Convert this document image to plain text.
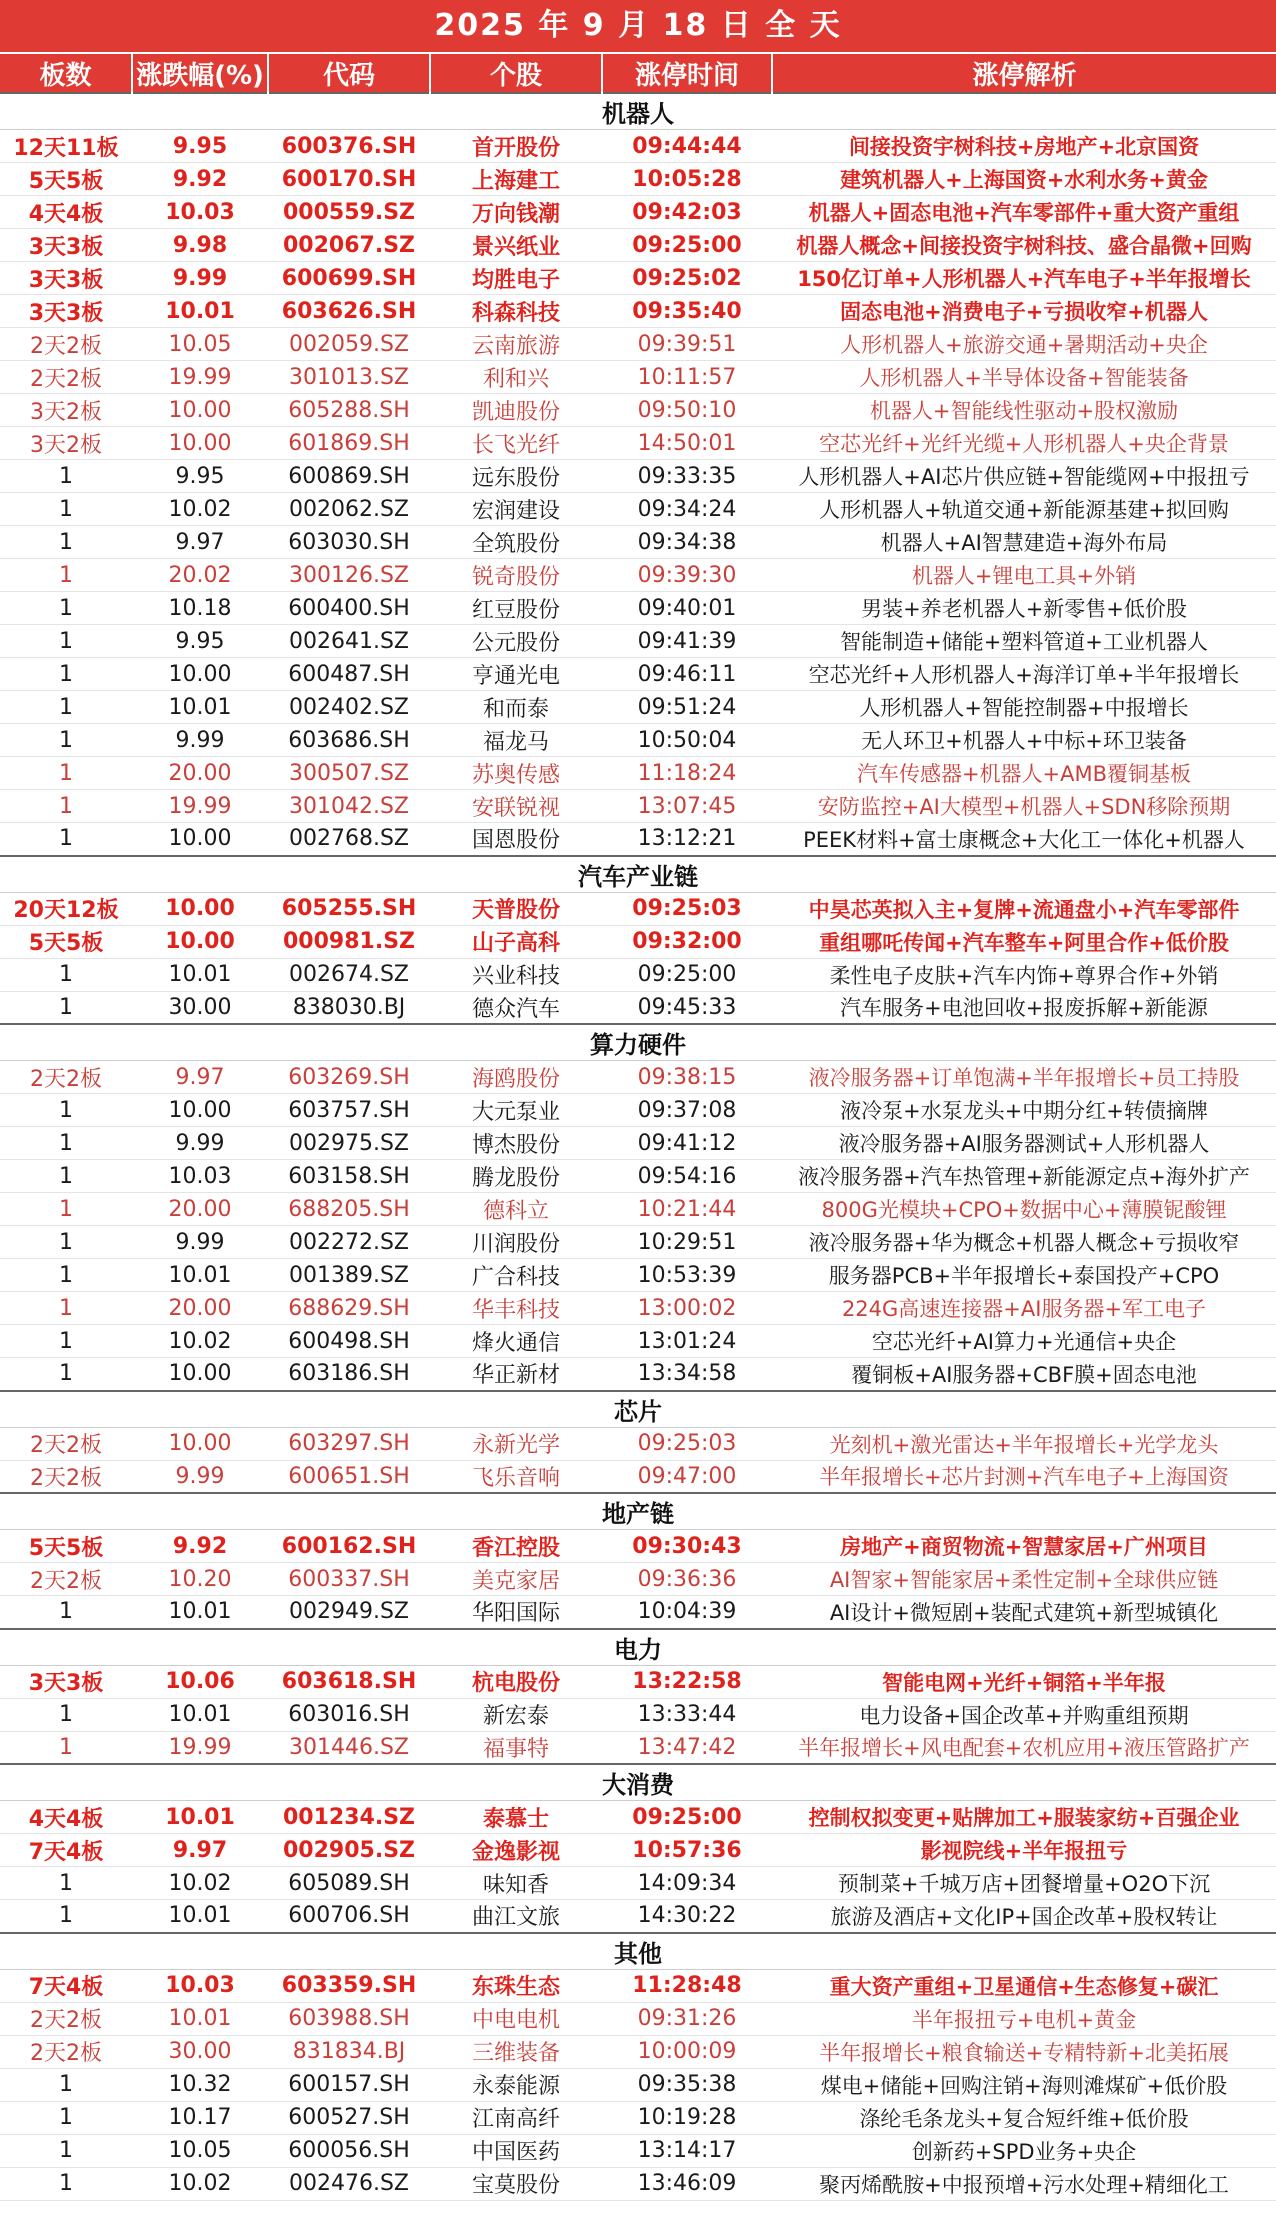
2025 年 9 月 18 日 全 天
板数	涨跌幅(%)	代码	个股	涨停时间	涨停解析
机器人					
12天11板	9.95	600376.SH	首开股份	09:44:44	间接投资宇树科技+房地产+北京国资
5天5板	9.92	600170.SH	上海建工	10:05:28	建筑机器人+上海国资+水利水务+黄金
4天4板	10.03	000559.SZ	万向钱潮	09:42:03	机器人+固态电池+汽车零部件+重大资产重组
3天3板	9.98	002067.SZ	景兴纸业	09:25:00	机器人概念+间接投资宇树科技、盛合晶微+回购
3天3板	9.99	600699.SH	均胜电子	09:25:02	150亿订单+人形机器人+汽车电子+半年报增长
3天3板	10.01	603626.SH	科森科技	09:35:40	固态电池+消费电子+亏损收窄+机器人
2天2板	10.05	002059.SZ	云南旅游	09:39:51	人形机器人+旅游交通+暑期活动+央企
2天2板	19.99	301013.SZ	利和兴	10:11:57	人形机器人+半导体设备+智能装备
3天2板	10.00	605288.SH	凯迪股份	09:50:10	机器人+智能线性驱动+股权激励
3天2板	10.00	601869.SH	长飞光纤	14:50:01	空芯光纤+光纤光缆+人形机器人+央企背景
1	9.95	600869.SH	远东股份	09:33:35	人形机器人+AI芯片供应链+智能缆网+中报扭亏
1	10.02	002062.SZ	宏润建设	09:34:24	人形机器人+轨道交通+新能源基建+拟回购
1	9.97	603030.SH	全筑股份	09:34:38	机器人+AI智慧建造+海外布局
1	20.02	300126.SZ	锐奇股份	09:39:30	机器人+锂电工具+外销
1	10.18	600400.SH	红豆股份	09:40:01	男装+养老机器人+新零售+低价股
1	9.95	002641.SZ	公元股份	09:41:39	智能制造+储能+塑料管道+工业机器人
1	10.00	600487.SH	亨通光电	09:46:11	空芯光纤+人形机器人+海洋订单+半年报增长
1	10.01	002402.SZ	和而泰	09:51:24	人形机器人+智能控制器+中报增长
1	9.99	603686.SH	福龙马	10:50:04	无人环卫+机器人+中标+环卫装备
1	20.00	300507.SZ	苏奥传感	11:18:24	汽车传感器+机器人+AMB覆铜基板
1	19.99	301042.SZ	安联锐视	13:07:45	安防监控+AI大模型+机器人+SDN移除预期
1	10.00	002768.SZ	国恩股份	13:12:21	PEEK材料+富士康概念+大化工一体化+机器人
汽车产业链					
20天12板	10.00	605255.SH	天普股份	09:25:03	中昊芯英拟入主+复牌+流通盘小+汽车零部件
5天5板	10.00	000981.SZ	山子高科	09:32:00	重组哪吒传闻+汽车整车+阿里合作+低价股
1	10.01	002674.SZ	兴业科技	09:25:00	柔性电子皮肤+汽车内饰+尊界合作+外销
1	30.00	838030.BJ	德众汽车	09:45:33	汽车服务+电池回收+报废拆解+新能源
算力硬件					
2天2板	9.97	603269.SH	海鸥股份	09:38:15	液冷服务器+订单饱满+半年报增长+员工持股
1	10.00	603757.SH	大元泵业	09:37:08	液冷泵+水泵龙头+中期分红+转债摘牌
1	9.99	002975.SZ	博杰股份	09:41:12	液冷服务器+AI服务器测试+人形机器人
1	10.03	603158.SH	腾龙股份	09:54:16	液冷服务器+汽车热管理+新能源定点+海外扩产
1	20.00	688205.SH	德科立	10:21:44	800G光模块+CPO+数据中心+薄膜铌酸锂
1	9.99	002272.SZ	川润股份	10:29:51	液冷服务器+华为概念+机器人概念+亏损收窄
1	10.01	001389.SZ	广合科技	10:53:39	服务器PCB+半年报增长+泰国投产+CPO
1	20.00	688629.SH	华丰科技	13:00:02	224G高速连接器+AI服务器+军工电子
1	10.02	600498.SH	烽火通信	13:01:24	空芯光纤+AI算力+光通信+央企
1	10.00	603186.SH	华正新材	13:34:58	覆铜板+AI服务器+CBF膜+固态电池
芯片					
2天2板	10.00	603297.SH	永新光学	09:25:03	光刻机+激光雷达+半年报增长+光学龙头
2天2板	9.99	600651.SH	飞乐音响	09:47:00	半年报增长+芯片封测+汽车电子+上海国资
地产链					
5天5板	9.92	600162.SH	香江控股	09:30:43	房地产+商贸物流+智慧家居+广州项目
2天2板	10.20	600337.SH	美克家居	09:36:36	AI智家+智能家居+柔性定制+全球供应链
1	10.01	002949.SZ	华阳国际	10:04:39	AI设计+微短剧+装配式建筑+新型城镇化
电力					
3天3板	10.06	603618.SH	杭电股份	13:22:58	智能电网+光纤+铜箔+半年报
1	10.01	603016.SH	新宏泰	13:33:44	电力设备+国企改革+并购重组预期
1	19.99	301446.SZ	福事特	13:47:42	半年报增长+风电配套+农机应用+液压管路扩产
大消费					
4天4板	10.01	001234.SZ	泰慕士	09:25:00	控制权拟变更+贴牌加工+服装家纺+百强企业
7天4板	9.97	002905.SZ	金逸影视	10:57:36	影视院线+半年报扭亏
1	10.02	605089.SH	味知香	14:09:34	预制菜+千城万店+团餐增量+O2O下沉
1	10.01	600706.SH	曲江文旅	14:30:22	旅游及酒店+文化IP+国企改革+股权转让
其他					
7天4板	10.03	603359.SH	东珠生态	11:28:48	重大资产重组+卫星通信+生态修复+碳汇
2天2板	10.01	603988.SH	中电电机	09:31:26	半年报扭亏+电机+黄金
2天2板	30.00	831834.BJ	三维装备	10:00:09	半年报增长+粮食输送+专精特新+北美拓展
1	10.32	600157.SH	永泰能源	09:35:38	煤电+储能+回购注销+海则滩煤矿+低价股
1	10.17	600527.SH	江南高纤	10:19:28	涤纶毛条龙头+复合短纤维+低价股
1	10.05	600056.SH	中国医药	13:14:17	创新药+SPD业务+央企
1	10.02	002476.SZ	宝莫股份	13:46:09	聚丙烯酰胺+中报预增+污水处理+精细化工
